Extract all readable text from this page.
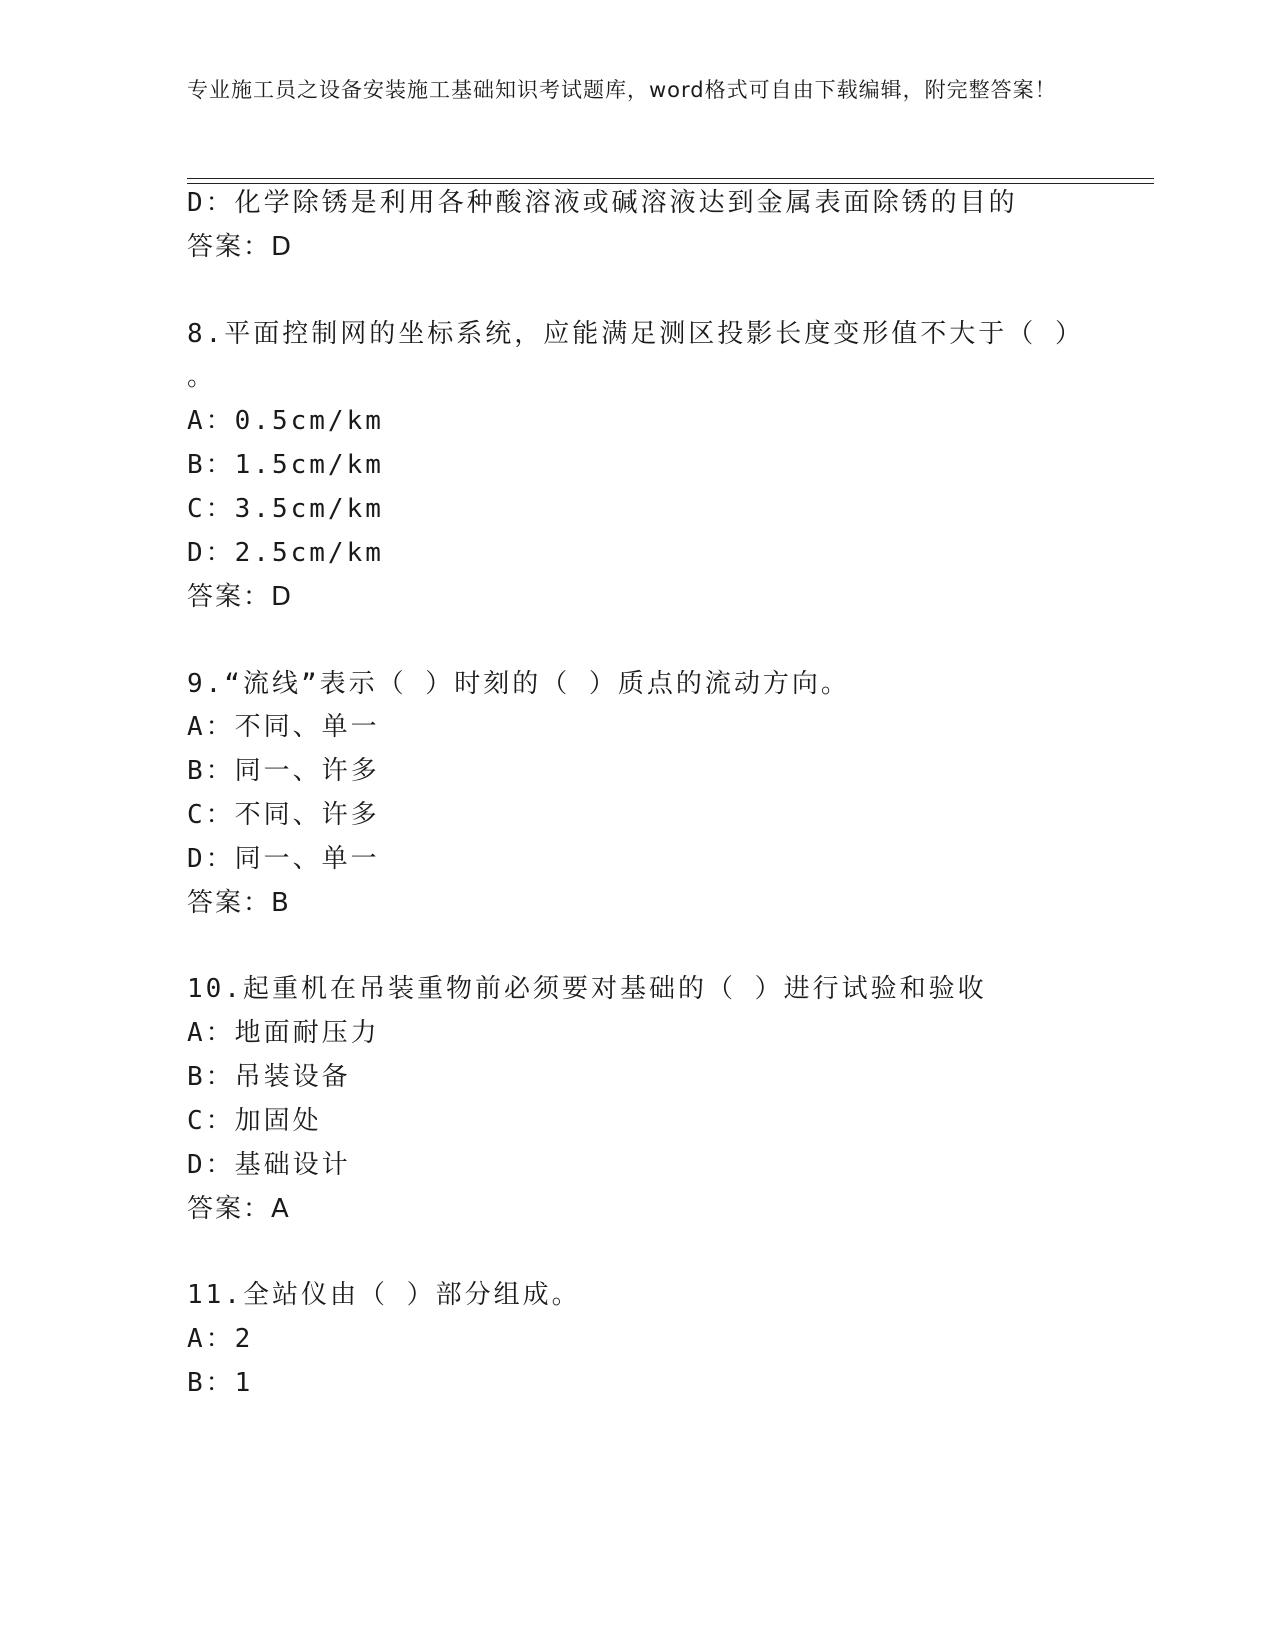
专业施工员之设备安装施工基础知识考试题库，word格式可自由下载编辑，附完整答案！
D：化学除锈是利用各种酸溶液或碱溶液达到金属表面除锈的目的
答案：D
8.平面控制网的坐标系统，应能满足测区投影长度变形值不大于（ ）
。
A：0.5cm/km
B：1.5cm/km
C：3.5cm/km
D：2.5cm/km
答案：D
9.“流线”表示（ ）时刻的（ ）质点的流动方向。
A：不同、单一
B：同一、许多
C：不同、许多
D：同一、单一
答案：B
10.起重机在吊装重物前必须要对基础的（ ）进行试验和验收
A：地面耐压力
B：吊装设备
C：加固处
D：基础设计
答案：A
11.全站仪由（ ）部分组成。
A：2
B：1
